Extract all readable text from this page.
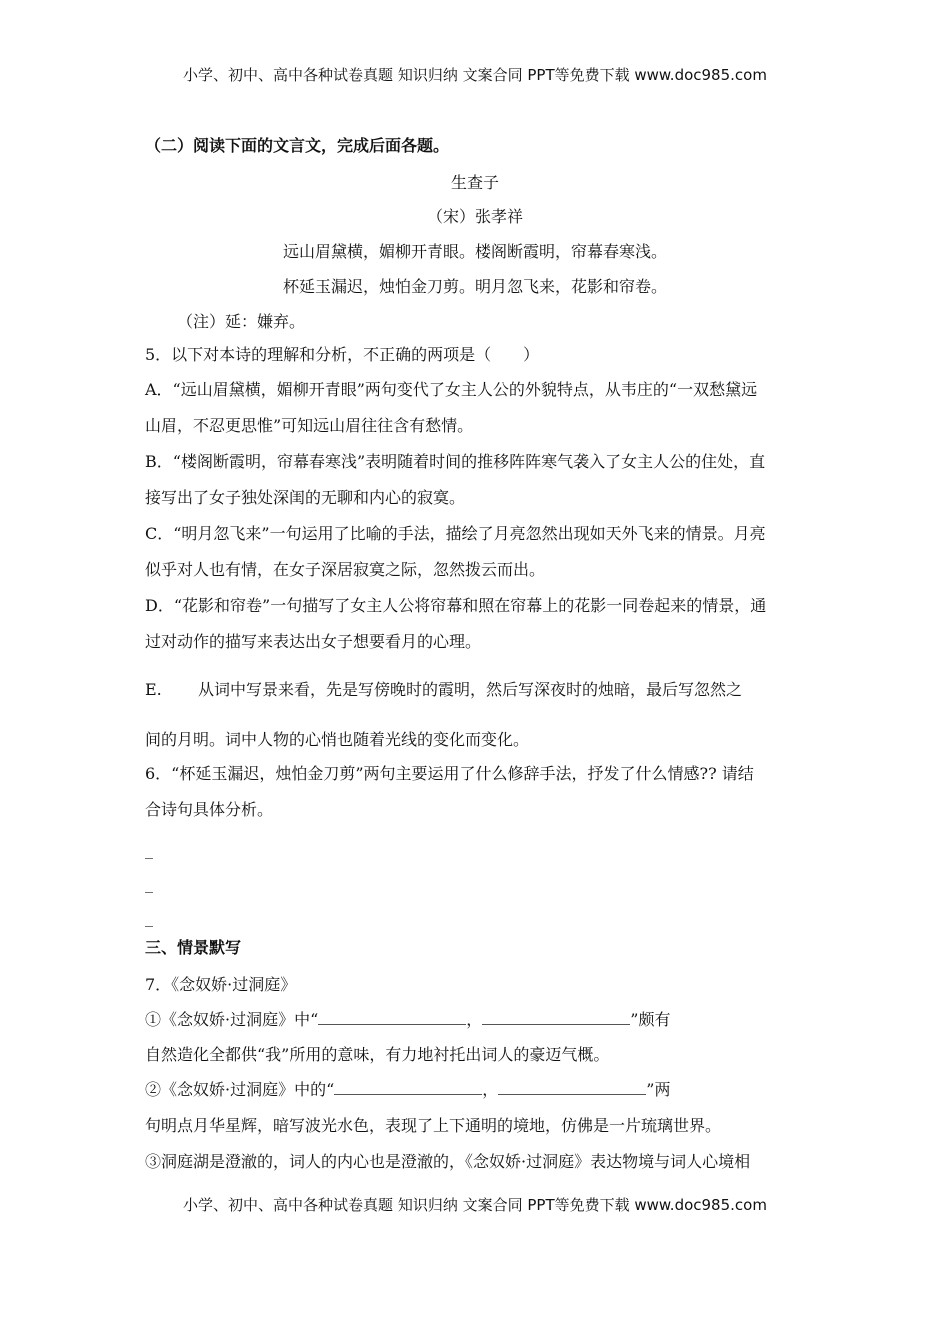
小学、初中、高中各种试卷真题 知识归纳 文案合同 PPT等免费下载 www.doc985.com
（二）阅读下面的文言文，完成后面各题。
生查子
（宋）张孝祥
远山眉黛横，媚柳开青眼。楼阁断霞明，帘幕春寒浅。
杯延玉漏迟，烛怕金刀剪。明月忽飞来，花影和帘卷。
（注）延：嫌弃。
5．以下对本诗的理解和分析，不正确的两项是（　　）
A．“远山眉黛横，媚柳开青眼”两句变代了女主人公的外貌特点，从韦庄的“一双愁黛远
山眉，不忍更思惟”可知远山眉往往含有愁情。
B．“楼阁断霞明，帘幕春寒浅”表明随着时间的推移阵阵寒气袭入了女主人公的住处，直
接写出了女子独处深闺的无聊和内心的寂寞。
C．“明月忽飞来”一句运用了比喻的手法，描绘了月亮忽然出现如天外飞来的情景。月亮
似乎对人也有情，在女子深居寂寞之际，忽然拨云而出。
D．“花影和帘卷”一句描写了女主人公将帘幕和照在帘幕上的花影一同卷起来的情景，通
过对动作的描写来表达出女子想要看月的心理。
E. 从词中写景来看，先是写傍晚时的霞明，然后写深夜时的烛暗，最后写忽然之
间的月明。词中人物的心悄也随着光线的变化而变化。
6．“杯延玉漏迟，烛怕金刀剪”两句主要运用了什么修辞手法，抒发了什么情感?? 请结
合诗句具体分析。
_
_
_
三、情景默写
7．《念奴娇·过洞庭》
①《念奴娇·过洞庭》中“	，	”颇有
自然造化全都供“我”所用的意味，有力地衬托出词人的豪迈气概。
②《念奴娇·过洞庭》中的“	，	”两
句明点月华星辉，暗写波光水色，表现了上下通明的境地，仿佛是一片琉璃世界。
③洞庭湖是澄澈的，词人的内心也是澄澈的，《念奴娇·过洞庭》表达物境与词人心境相
小学、初中、高中各种试卷真题 知识归纳 文案合同 PPT等免费下载 www.doc985.com
